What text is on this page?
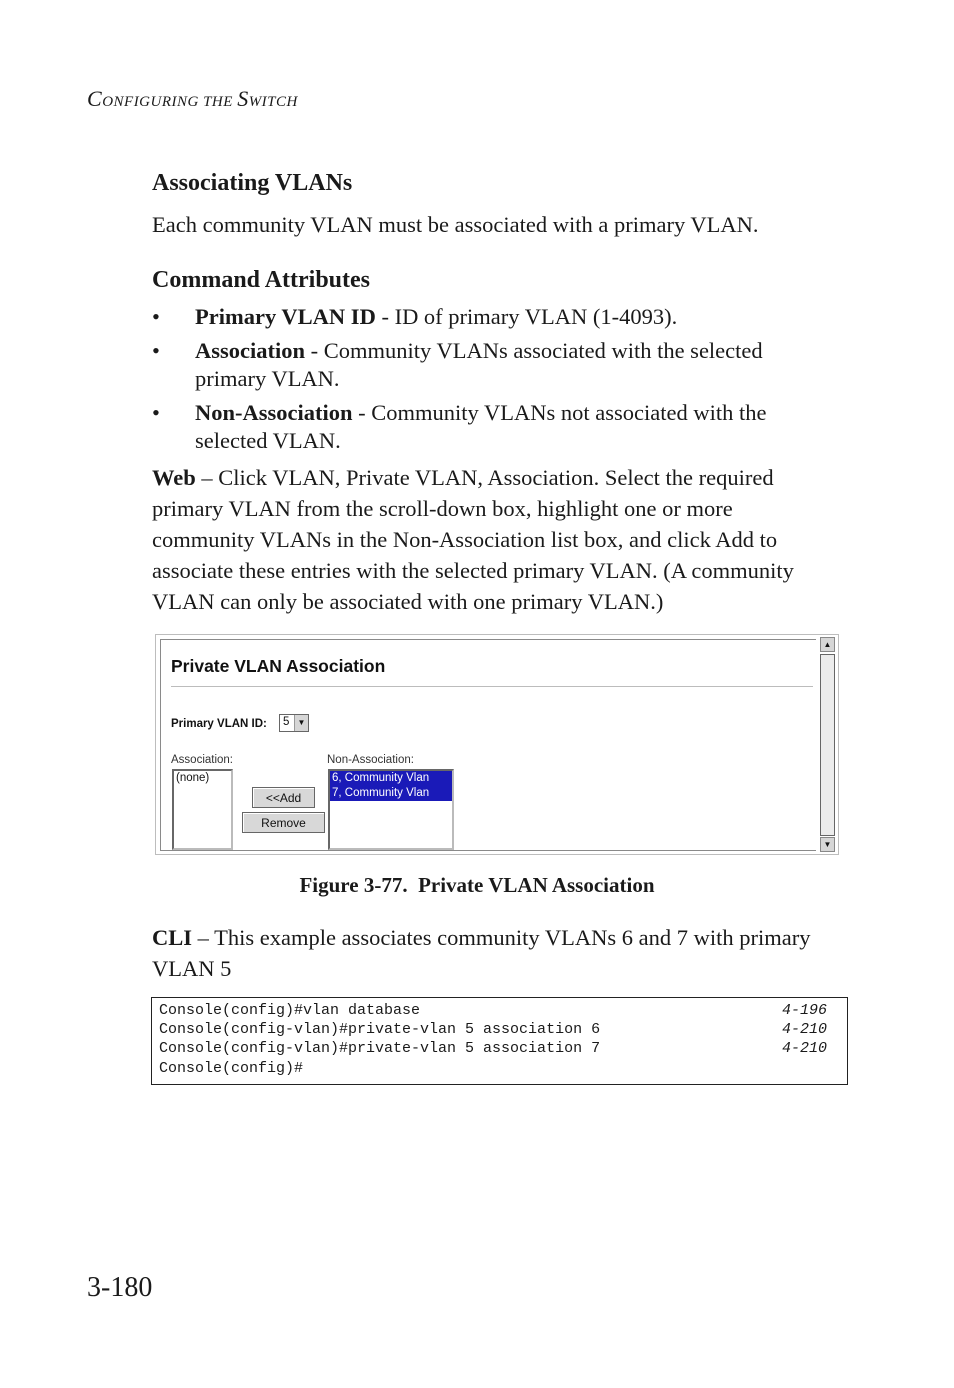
CONFIGURING THE SWITCH
Associating VLANs
Each community VLAN must be associated with a primary VLAN.
Command Attributes
• Primary VLAN ID - ID of primary VLAN (1-4093).
• Association - Community VLANs associated with the selected primary VLAN.
• Non-Association - Community VLANs not associated with the selected VLAN.
Web – Click VLAN, Private VLAN, Association. Select the required primary VLAN from the scroll-down box, highlight one or more community VLANs in the Non-Association list box, and click Add to associate these entries with the selected primary VLAN. (A community VLAN can only be associated with one primary VLAN.)
Private VLAN Association
Primary VLAN ID: 5	▼
Association:
(none)
<<Add
Remove
Non-Association:
6, Community Vlan
7, Community Vlan
▲
▼
Figure 3-77. Private VLAN Association
CLI – This example associates community VLANs 6 and 7 with primary VLAN 5
Console(config)#vlan database	4-196
Console(config-vlan)#private-vlan 5 association 6	4-210
Console(config-vlan)#private-vlan 5 association 7	4-210
Console(config)#
3-180
